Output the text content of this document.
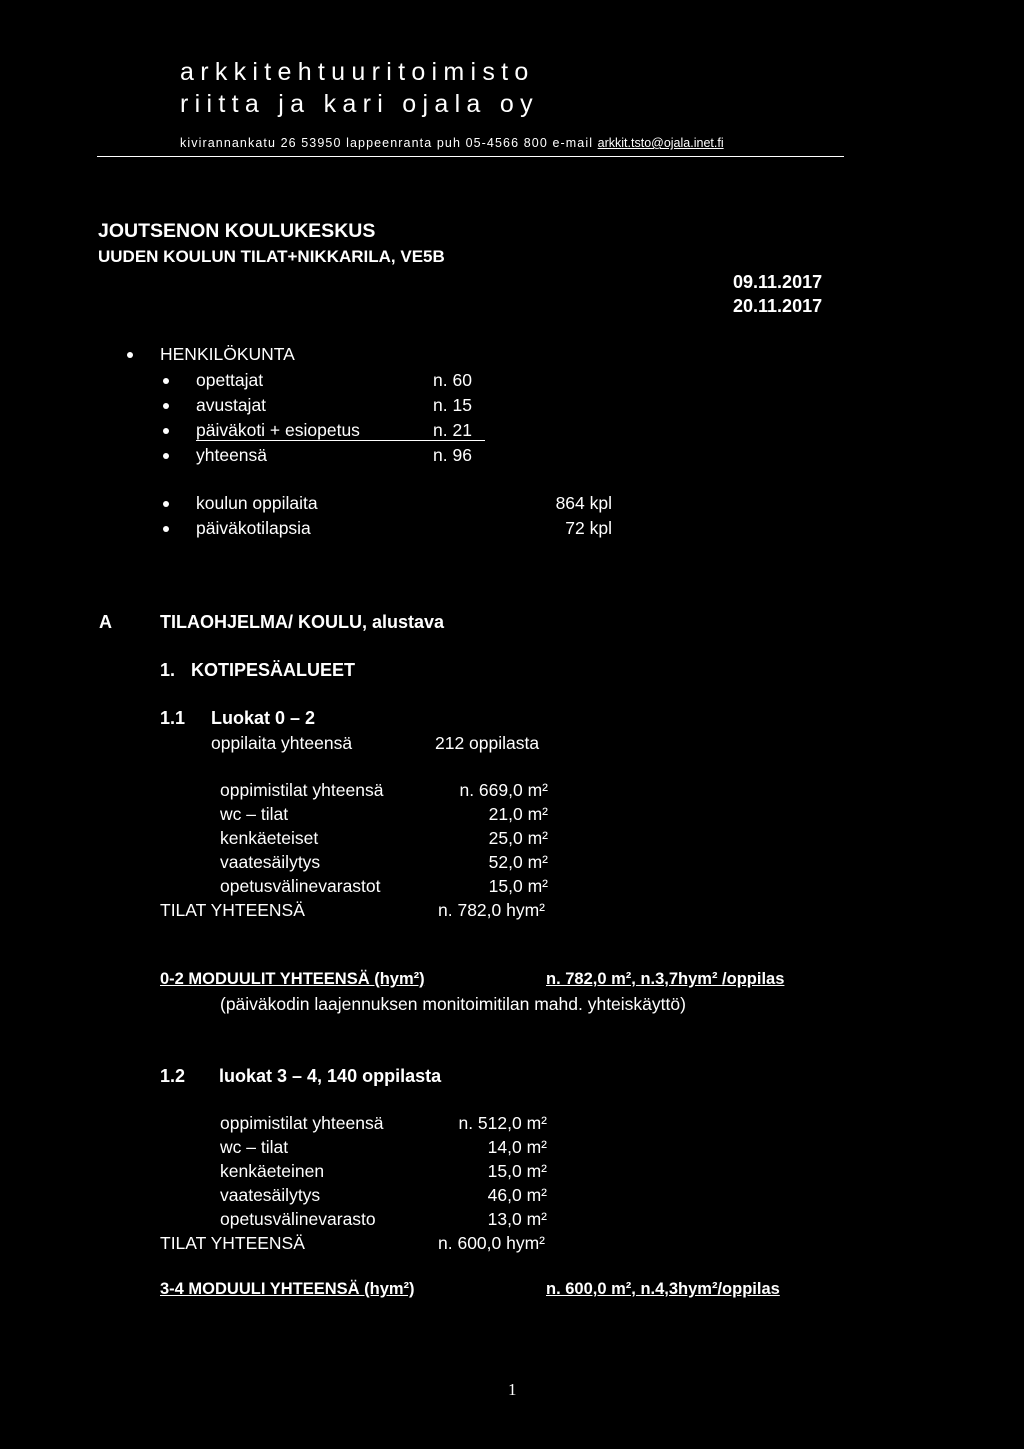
arkkitehtuuritoimisto
riitta ja kari ojala oy
kivirannankatu 26 53950 lappeenranta puh 05-4566 800 e-mail arkkit.tsto@ojala.inet.fi
JOUTSENON KOULUKESKUS
UUDEN KOULUN TILAT+NIKKARILA, VE5B
09.11.2017
20.11.2017
HENKILÖKUNTA
opettajat	n. 60
avustajat	n. 15
päiväkoti + esiopetus	n. 21
yhteensä	n. 96
koulun oppilaita	864 kpl
päiväkotilapsia	72 kpl
A	TILAOHJELMA/ KOULU, alustava
1. KOTIPESÄALUEET
1.1 Luokat 0 – 2
oppilaita yhteensä	212 oppilasta
oppimistilat yhteensä	n. 669,0 m²
wc – tilat	21,0 m²
kenkäeteiset	25,0 m²
vaatesäilytys	52,0 m²
opetusvälinevarastot	15,0 m²
TILAT YHTEENSÄ	n. 782,0 hym²
0-2 MODUULIT YHTEENSÄ (hym²)	n. 782,0 m², n.3,7hym² /oppilas
(päiväkodin laajennuksen monitoimitilan mahd. yhteiskäyttö)
1.2 luokat 3 – 4, 140 oppilasta
oppimistilat yhteensä	n. 512,0 m²
wc – tilat	14,0 m²
kenkäeteinen	15,0 m²
vaatesäilytys	46,0 m²
opetusvälinevarasto	13,0 m²
TILAT YHTEENSÄ	n. 600,0 hym²
3-4 MODUULI YHTEENSÄ (hym²)	n. 600,0 m², n.4,3hym²/oppilas
1
